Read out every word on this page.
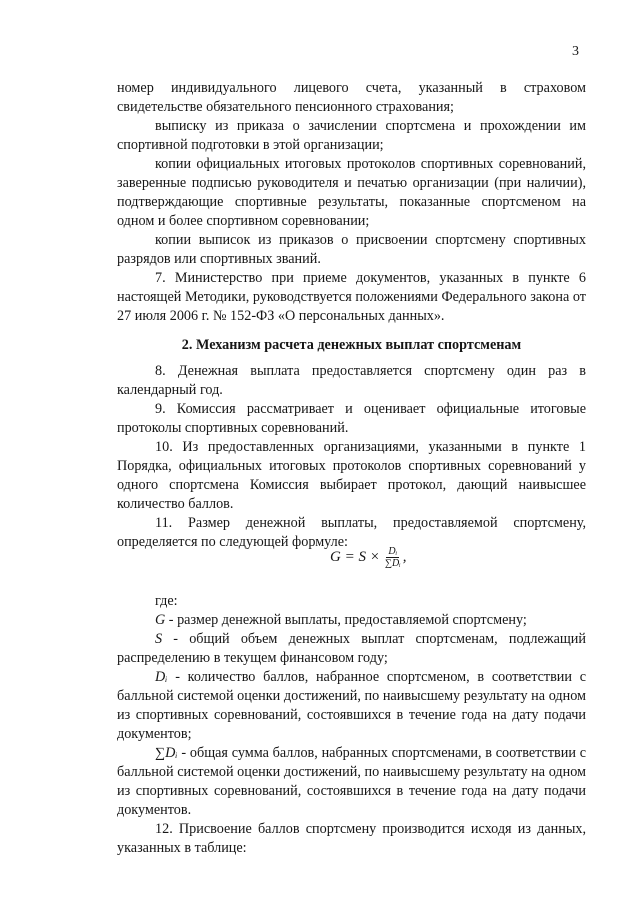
3

номер индивидуального лицевого счета, указанный в страховом свидетельстве обязательного пенсионного страхования;

выписку из приказа о зачислении спортсмена и прохождении им спортивной подготовки в этой организации;

копии официальных итоговых протоколов спортивных соревнований, заверенные подписью руководителя и печатью организации (при наличии), подтверждающие спортивные результаты, показанные спортсменом на одном и более спортивном соревновании;

копии выписок из приказов о присвоении спортсмену спортивных разрядов или спортивных званий.

7. Министерство при приеме документов, указанных в пункте 6 настоящей Методики, руководствуется положениями Федерального закона от 27 июля 2006 г. № 152-ФЗ «О персональных данных».

2. Механизм расчета денежных выплат спортсменам

8. Денежная выплата предоставляется спортсмену один раз в календарный год.

9. Комиссия рассматривает и оценивает официальные итоговые протоколы спортивных соревнований.

10. Из предоставленных организациями, указанными в пункте 1 Порядка, официальных итоговых протоколов спортивных соревнований у одного спортсмена Комиссия выбирает протокол, дающий наивысшее количество баллов.

11. Размер денежной выплаты, предоставляемой спортсмену, определяется по следующей формуле:

$G = S \times \frac{\text{Dᵢ}}{\text{∑Dᵢ}}$ ,

где:

G - размер денежной выплаты, предоставляемой спортсмену;

S - общий объем денежных выплат спортсменам, подлежащий распределению в текущем финансовом году;

Dᵢ - количество баллов, набранное спортсменом, в соответствии с балльной системой оценки достижений, по наивысшему результату на одном из спортивных соревнований, состоявшихся в течение года на дату подачи документов;

∑Dᵢ - общая сумма баллов, набранных спортсменами, в соответствии с балльной системой оценки достижений, по наивысшему результату на одном из спортивных соревнований, состоявшихся в течение года на дату подачи документов.

12. Присвоение баллов спортсмену производится исходя из данных, указанных в таблице:
